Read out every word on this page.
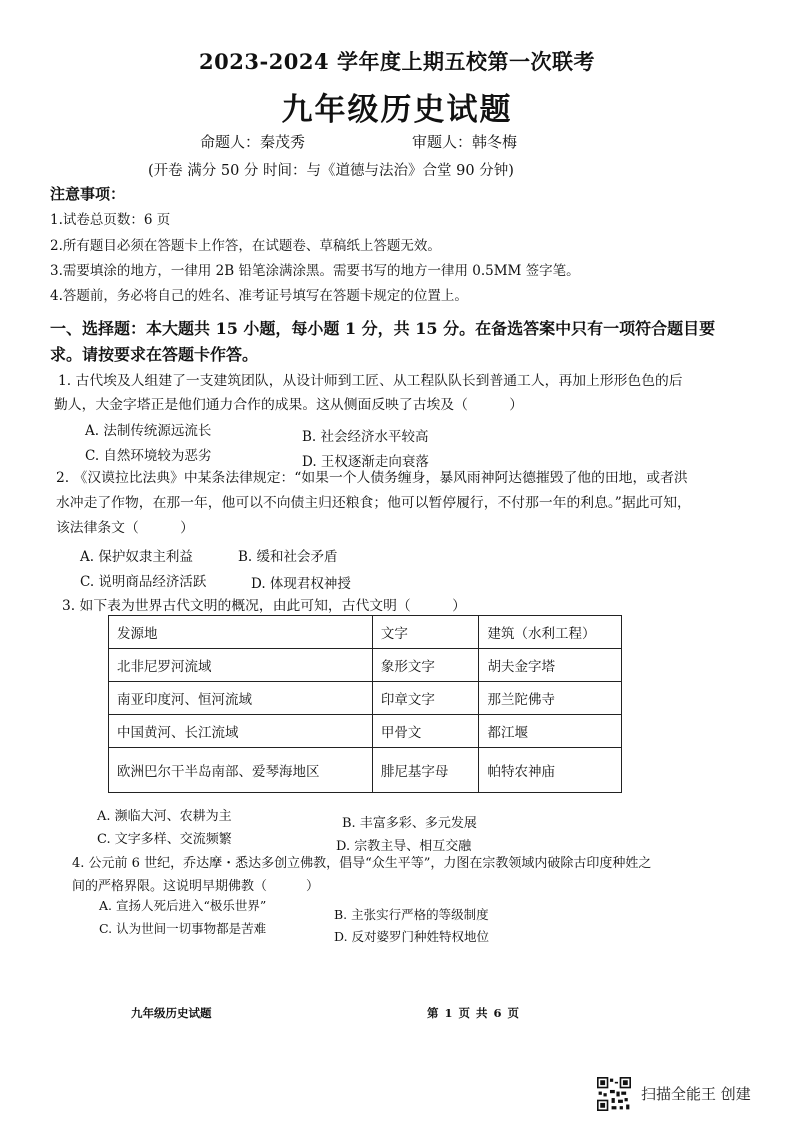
2023-2024 学年度上期五校第一次联考
九年级历史试题
命题人：秦茂秀	审题人：韩冬梅
(开卷 满分 50 分 时间：与《道德与法治》合堂 90 分钟)
注意事项：
1.试卷总页数：6 页
2.所有题目必须在答题卡上作答，在试题卷、草稿纸上答题无效。
3.需要填涂的地方，一律用 2B 铅笔涂满涂黑。需要书写的地方一律用 0.5MM 签字笔。
4.答题前，务必将自己的姓名、准考证号填写在答题卡规定的位置上。
一、选择题：本大题共 15 小题，每小题 1 分，共 15 分。在备选答案中只有一项符合题目要求。请按要求在答题卡作答。
1. 古代埃及人组建了一支建筑团队，从设计师到工匠、从工程队队长到普通工人，再加上形形色色的后勤人，大金字塔正是他们通力合作的成果。这从侧面反映了古埃及（　　　）
A. 法制传统源远流长	B. 社会经济水平较高
C. 自然环境较为恶劣	D. 王权逐渐走向衰落
2. 《汉谟拉比法典》中某条法律规定：“如果一个人债务缠身，暴风雨神阿达德摧毁了他的田地，或者洪水冲走了作物，在那一年，他可以不向债主归还粮食；他可以暂停履行，不付那一年的利息。”据此可知，该法律条文（　　　）
A. 保护奴隶主利益	B. 缓和社会矛盾
C. 说明商品经济活跃	D. 体现君权神授
3. 如下表为世界古代文明的概况，由此可知，古代文明（　　　）
发源地	文字	建筑（水利工程）
北非尼罗河流域	象形文字	胡夫金字塔
南亚印度河、恒河流域	印章文字	那兰陀佛寺
中国黄河、长江流域	甲骨文	都江堰
欧洲巴尔干半岛南部、爱琴海地区	腓尼基字母	帕特农神庙
A. 濒临大河、农耕为主	B. 丰富多彩、多元发展
C. 文字多样、交流频繁	D. 宗教主导、相互交融
4. 公元前 6 世纪，乔达摩・悉达多创立佛教，倡导“众生平等”，力图在宗教领域内破除古印度种姓之间的严格界限。这说明早期佛教（　　　）
A. 宣扬人死后进入“极乐世界”
B. 主张实行严格的等级制度
C. 认为世间一切事物都是苦难
D. 反对婆罗门种姓特权地位
九年级历史试题	第 1 页 共 6 页
扫描全能王 创建
